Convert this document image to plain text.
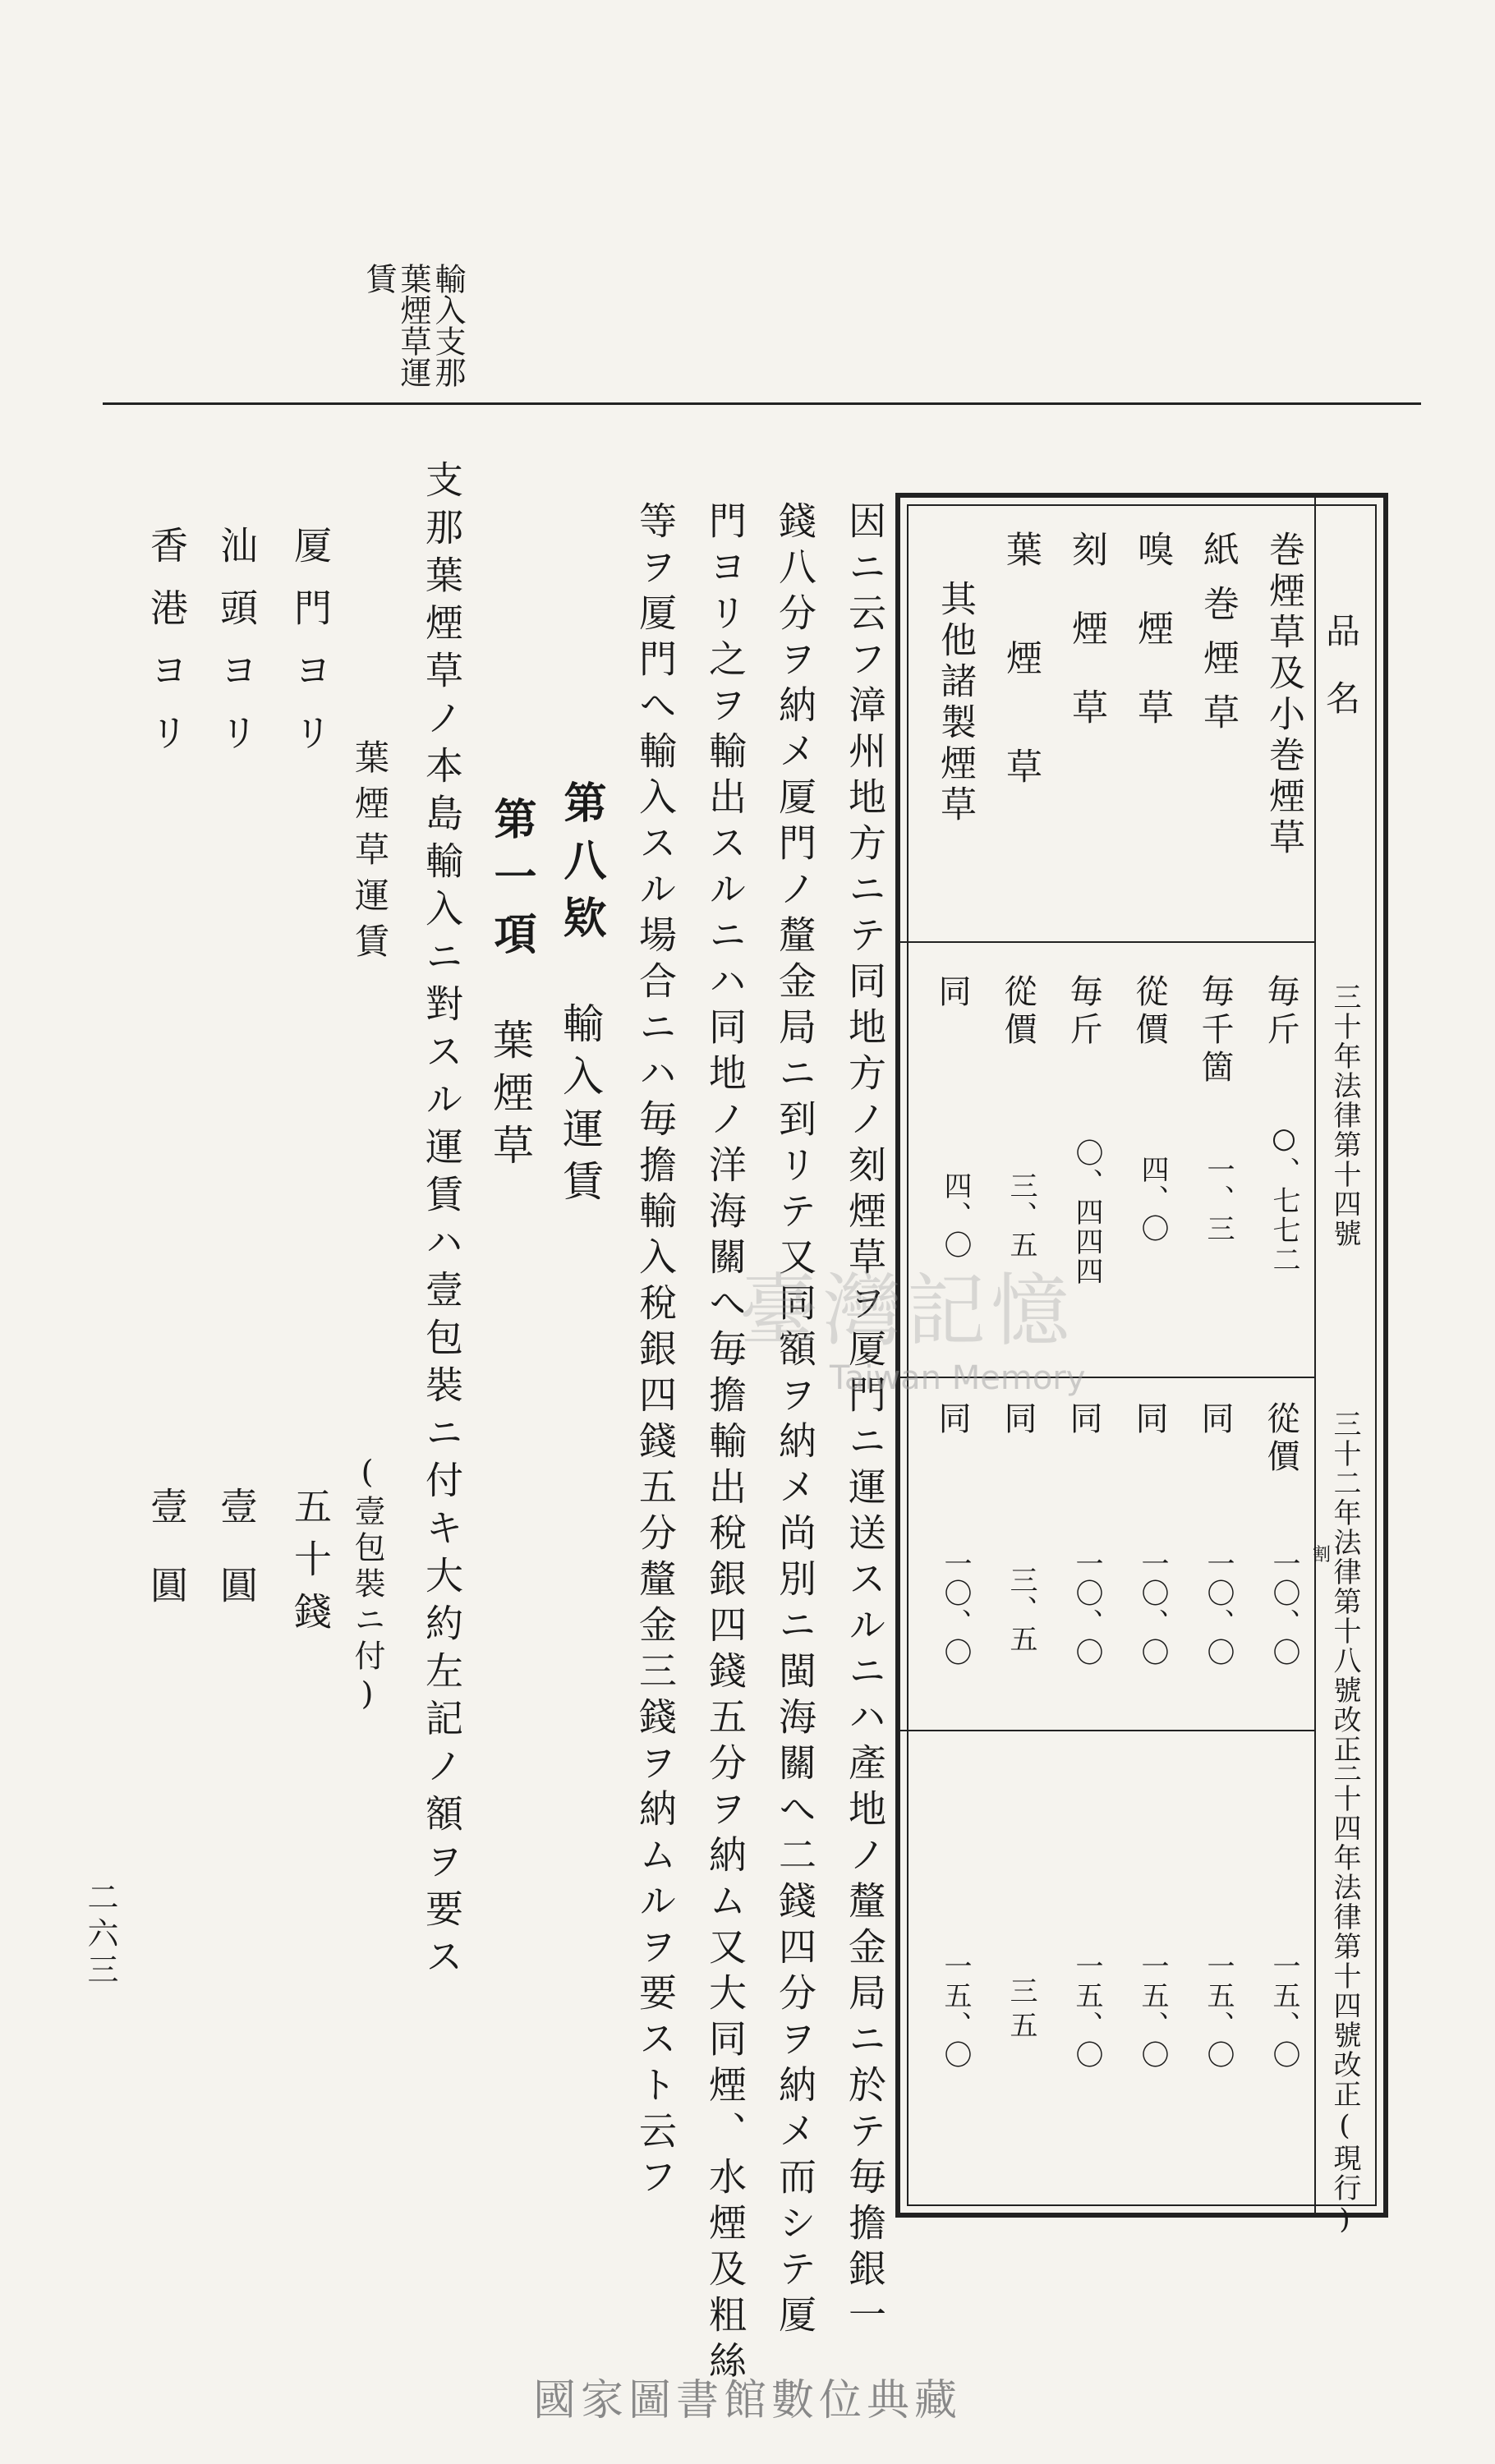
輸入支那葉煙草運賃
品名
三十年法律第十四號
三十二年法律第十八號改正
三十四年法律第十四號改正(現行)
巻煙草及小巻煙草
毎斤
○、七七二
從價
一〇、〇
一五、〇
割
紙巻煙草
毎千箇
一、三
同
一〇、〇
一五、〇
嗅煙草
從價
四、〇
同
一〇、〇
一五、〇
刻煙草
毎斤
〇、四四四
同
一〇、〇
一五、〇
葉煙草
從價
三、五
同
三、五
三五
其他諸製煙草
同
四、〇
同
一〇、〇
一五、〇
因ニ云フ漳州地方ニテ同地方ノ刻煙草ヲ厦門ニ運送スルニハ產地ノ釐金局ニ於テ毎擔銀一
錢八分ヲ納メ厦門ノ釐金局ニ到リテ又同額ヲ納メ尚別ニ閩海關へ二錢四分ヲ納メ而シテ厦
門ヨリ之ヲ輸出スルニハ同地ノ洋海關へ毎擔輸出稅銀四錢五分ヲ納ム又大同煙、水煙及粗絲
等ヲ厦門へ輸入スル場合ニハ毎擔輸入稅銀四錢五分釐金三錢ヲ納ムルヲ要スト云フ
第八欵
輸入運賃
第一項
葉煙草
支那葉煙草ノ本島輸入ニ對スル運賃ハ壹包裝ニ付キ大約左記ノ額ヲ要ス
葉煙草運賃
(壹包裝ニ付)
厦門ヨリ
五十錢
汕頭ヨリ
壹圓
香港ヨリ
壹圓
二六三
臺灣記憶
Taiwan Memory
國家圖書館數位典藏
